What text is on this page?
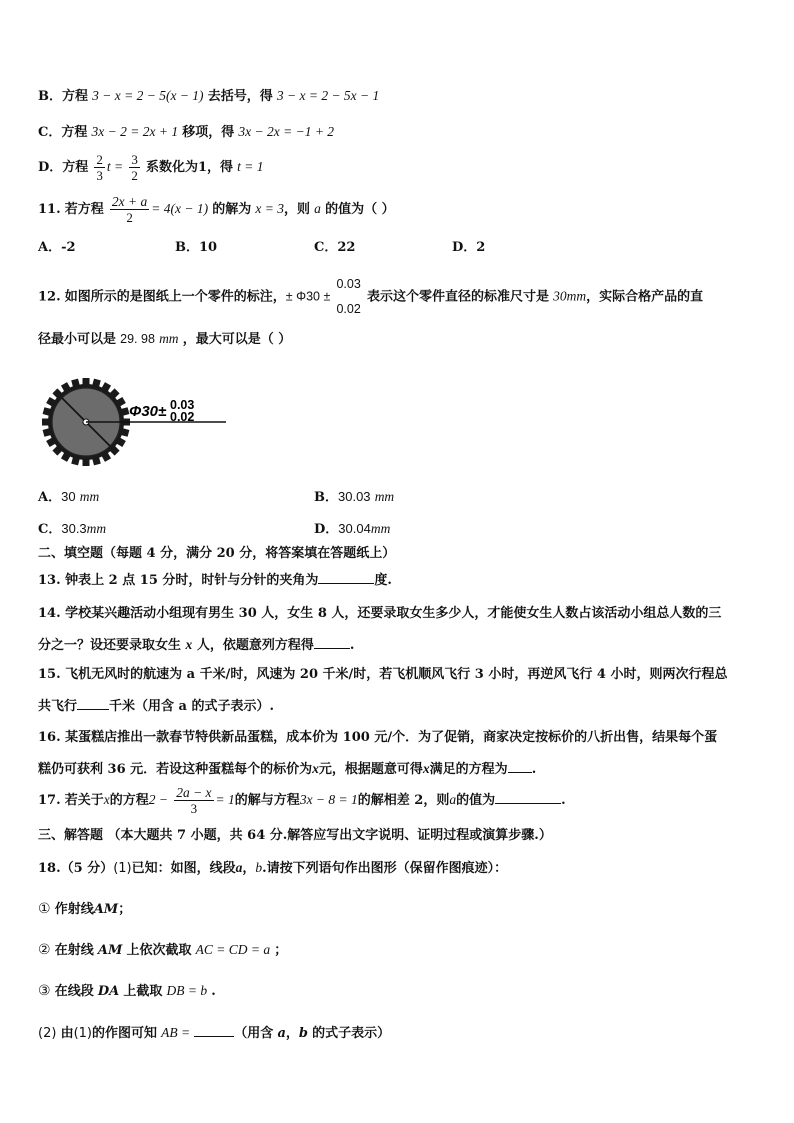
B．方程 3 − x = 2 − 5(x − 1) 去括号，得 3 − x = 2 − 5x − 1
C．方程 3x − 2 = 2x + 1 移项，得 3x − 2x = −1 + 2
D．方程 $\frac{2}{3}$ $t = \frac{3}{2}$ 系数化为1，得 t = 1
11. 若方程 $\frac{2x + a}{2} = 4(x - 1)$ 的解为 x = 3，则 a 的值为（ ）
A．-2	B．10	C．22	D．2
12. 如图所示的是图纸上一个零件的标注，± Φ30 ±
0.03
0.02
表示这个零件直径的标准尺寸是 30mm，实际合格产品的直
径最小可以是 29. 98 mm ，最大可以是（ ）
Φ30± 0.03
0.02
A．30 mm	B．30.03 mm
C．30.3mm	D．30.04mm
二、填空题（每题 4 分，满分 20 分，将答案填在答题纸上）
13. 钟表上 2 点 15 分时，时针与分针的夹角为	度.
14. 学校某兴趣活动小组现有男生 30 人，女生 8 人，还要录取女生多少人，才能使女生人数占该活动小组总人数的三
分之一？设还要录取女生 x 人，依题意列方程得	.
15. 飞机无风时的航速为 a 千米/时，风速为 20 千米/时，若飞机顺风飞行 3 小时，再逆风飞行 4 小时，则两次行程总
共飞行 千米（用含 a 的式子表示）.
16. 某蛋糕店推出一款春节特供新品蛋糕，成本价为 100 元/个．为了促销，商家决定按标价的八折出售，结果每个蛋
糕仍可获利 36 元．若设这种蛋糕每个的标价为x元，根据题意可得x满足的方程为 .
17. 若关于x的方程$2 - \frac{2a - x}{3} = 1$的解与方程3x − 8 = 1的解相差 2，则a的值为	.
三、解答题 （本大题共 7 小题，共 64 分.解答应写出文字说明、证明过程或演算步骤.）
18.（5 分）(1)已知：如图，线段a，b.请按下列语句作出图形（保留作图痕迹）：
① 作射线AM；
② 在射线 AM 上依次截取 AC = CD = a ；
③ 在线段 DA 上截取 DB = b .
(2) 由(1)的作图可知 AB =	（用含 a，b 的式子表示）
